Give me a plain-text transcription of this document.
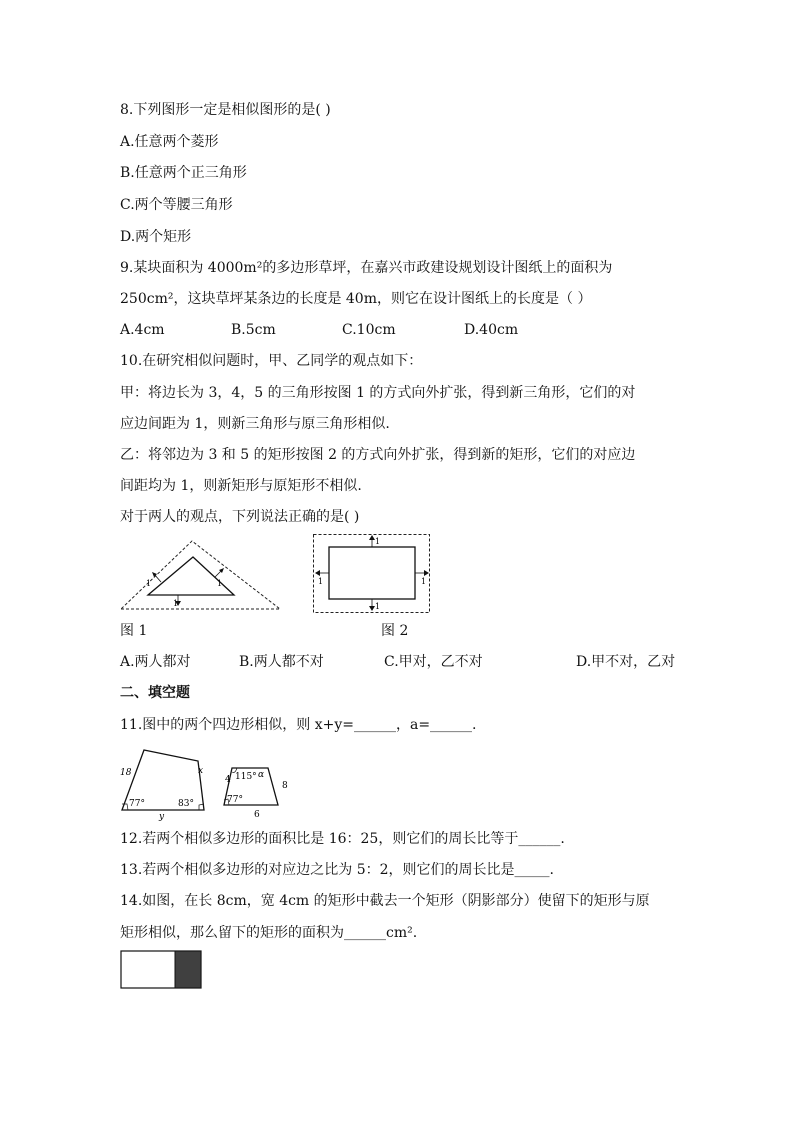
8.下列图形一定是相似图形的是( )
A.任意两个菱形
B.任意两个正三角形
C.两个等腰三角形
D.两个矩形
9.某块面积为 4000m²的多边形草坪，在嘉兴市政建设规划设计图纸上的面积为
250cm²，这块草坪某条边的长度是 40m，则它在设计图纸上的长度是（ ）
A.4cm	B.5cm	C.10cm	D.40cm
10.在研究相似问题时，甲、乙同学的观点如下：
甲：将边长为 3，4，5 的三角形按图 1 的方式向外扩张，得到新三角形，它们的对
应边间距为 1，则新三角形与原三角形相似.
乙：将邻边为 3 和 5 的矩形按图 2 的方式向外扩张，得到新的矩形，它们的对应边
间距均为 1，则新矩形与原矩形不相似.
对于两人的观点，下列说法正确的是( )
1
1	1
1
1
1	1
图 1	图 2
A.两人都对	B.两人都不对	C.甲对，乙不对	D.甲不对，乙对
二、填空题
11.图中的两个四边形相似，则 x+y=______，a=______.
18	x
y
77°	83°
4
8
6
115° α
77°
12.若两个相似多边形的面积比是 16：25，则它们的周长比等于______.
13.若两个相似多边形的对应边之比为 5：2，则它们的周长比是_____.
14.如图，在长 8cm，宽 4cm 的矩形中截去一个矩形（阴影部分）使留下的矩形与原
矩形相似，那么留下的矩形的面积为______cm².
